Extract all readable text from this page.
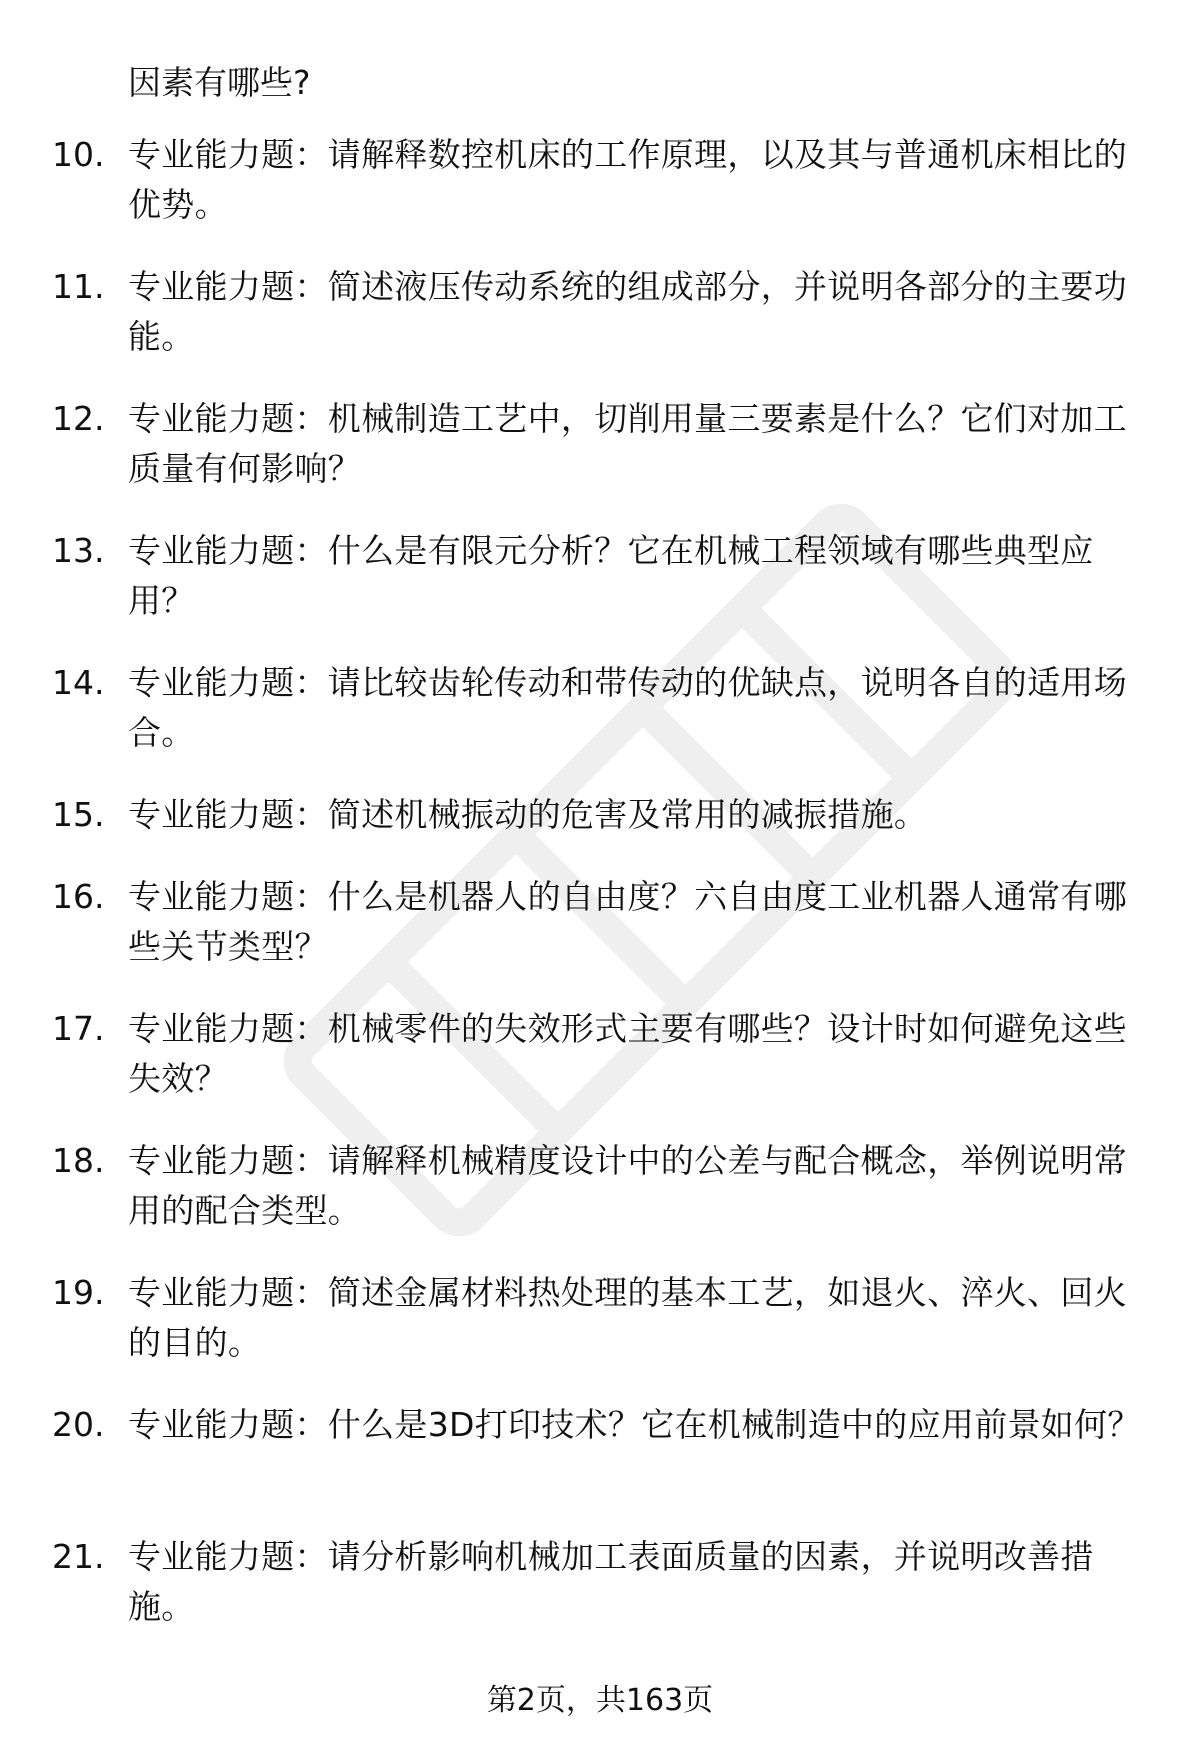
因素有哪些?

10. 专业能力题：请解释数控机床的工作原理，以及其与普通机床相比的优势。
11. 专业能力题：简述液压传动系统的组成部分，并说明各部分的主要功能。
12. 专业能力题：机械制造工艺中，切削用量三要素是什么？它们对加工质量有何影响？
13. 专业能力题：什么是有限元分析？它在机械工程领域有哪些典型应用？
14. 专业能力题：请比较齿轮传动和带传动的优缺点，说明各自的适用场合。
15. 专业能力题：简述机械振动的危害及常用的减振措施。
16. 专业能力题：什么是机器人的自由度？六自由度工业机器人通常有哪些关节类型？
17. 专业能力题：机械零件的失效形式主要有哪些？设计时如何避免这些失效？
18. 专业能力题：请解释机械精度设计中的公差与配合概念，举例说明常用的配合类型。
19. 专业能力题：简述金属材料热处理的基本工艺，如退火、淬火、回火的目的。
20. 专业能力题：什么是3D打印技术？它在机械制造中的应用前景如何？
21. 专业能力题：请分析影响机械加工表面质量的因素，并说明改善措施。
第2页，共163页
